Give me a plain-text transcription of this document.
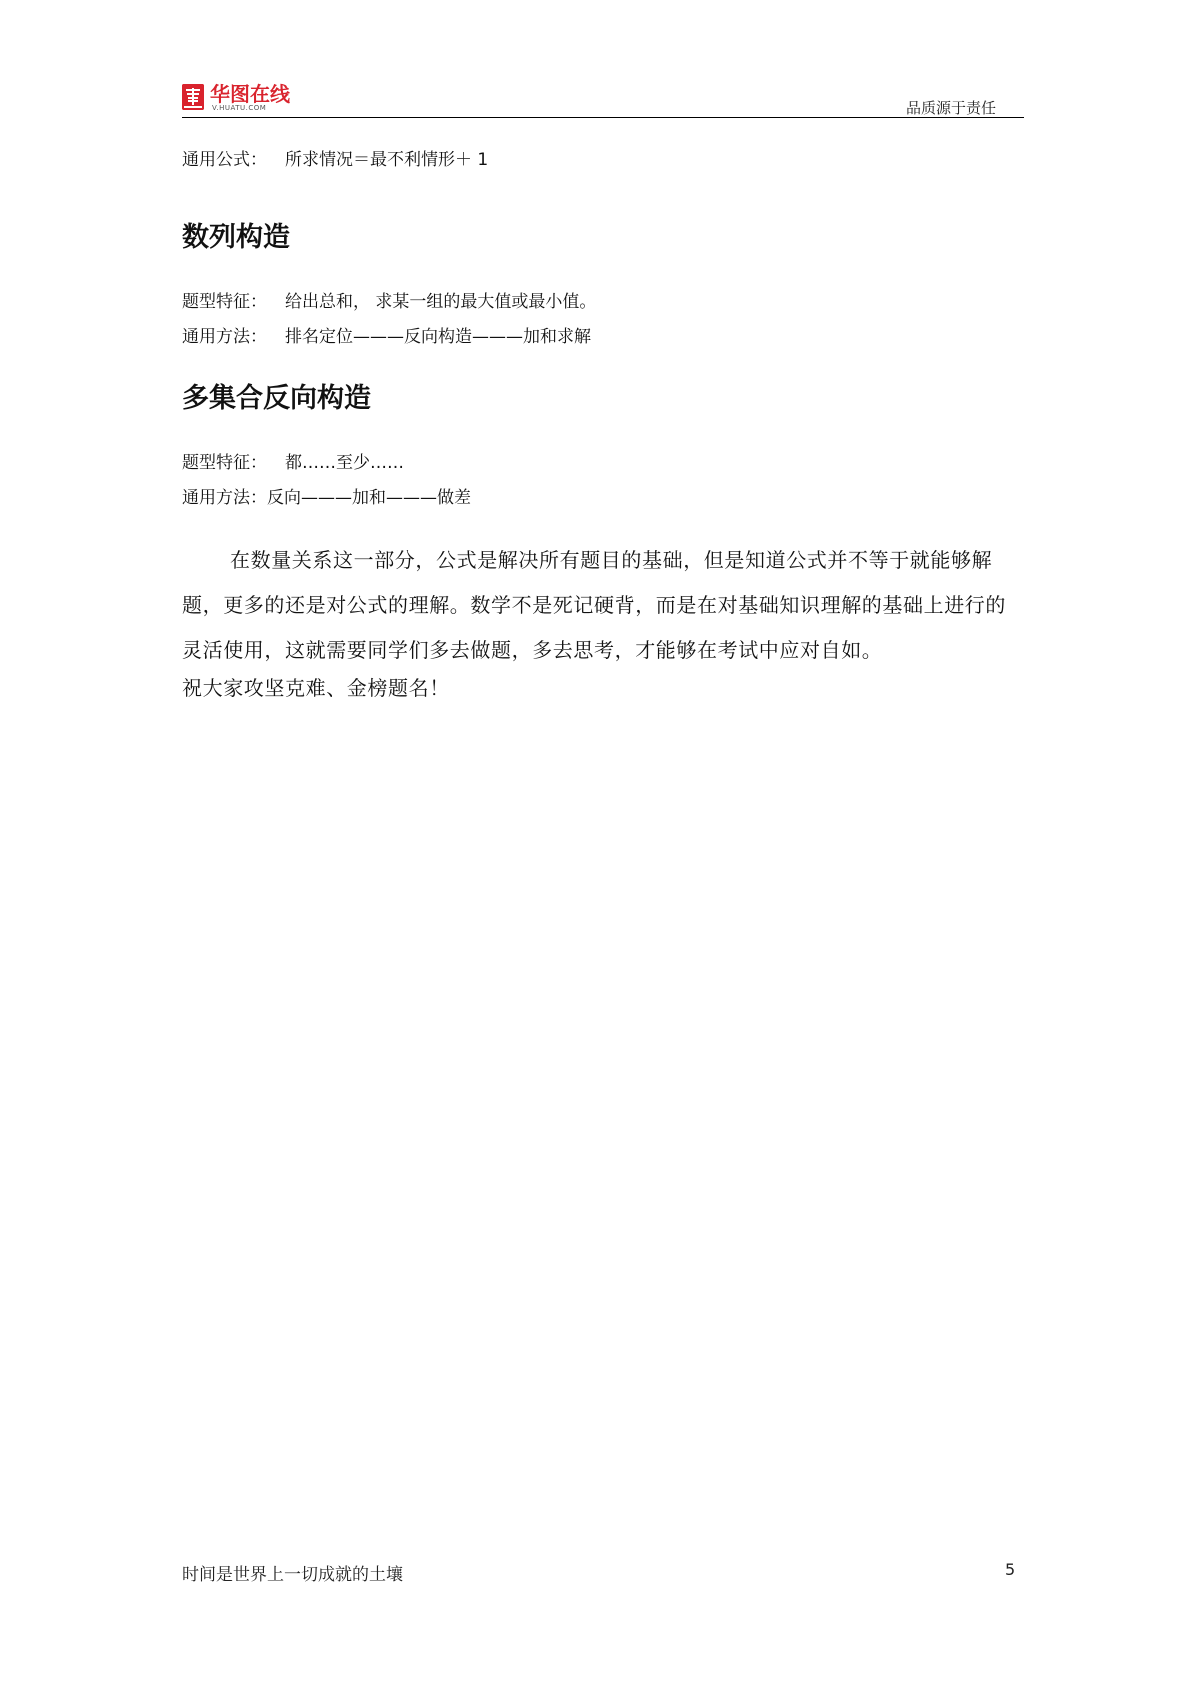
华图在线
V.HUATU.COM	品质源于责任
通用公式： 所求情况＝最不利情形＋ 1
数列构造
题型特征： 给出总和， 求某一组的最大值或最小值。
通用方法： 排名定位———反向构造———加和求解
多集合反向构造
题型特征： 都……至少……
通用方法：反向———加和———做差
在数量关系这一部分，公式是解决所有题目的基础，但是知道公式并不等于就能够解题，更多的还是对公式的理解。数学不是死记硬背，而是在对基础知识理解的基础上进行的灵活使用，这就需要同学们多去做题，多去思考，才能够在考试中应对自如。
祝大家攻坚克难、金榜题名！
时间是世界上一切成就的土壤	5
